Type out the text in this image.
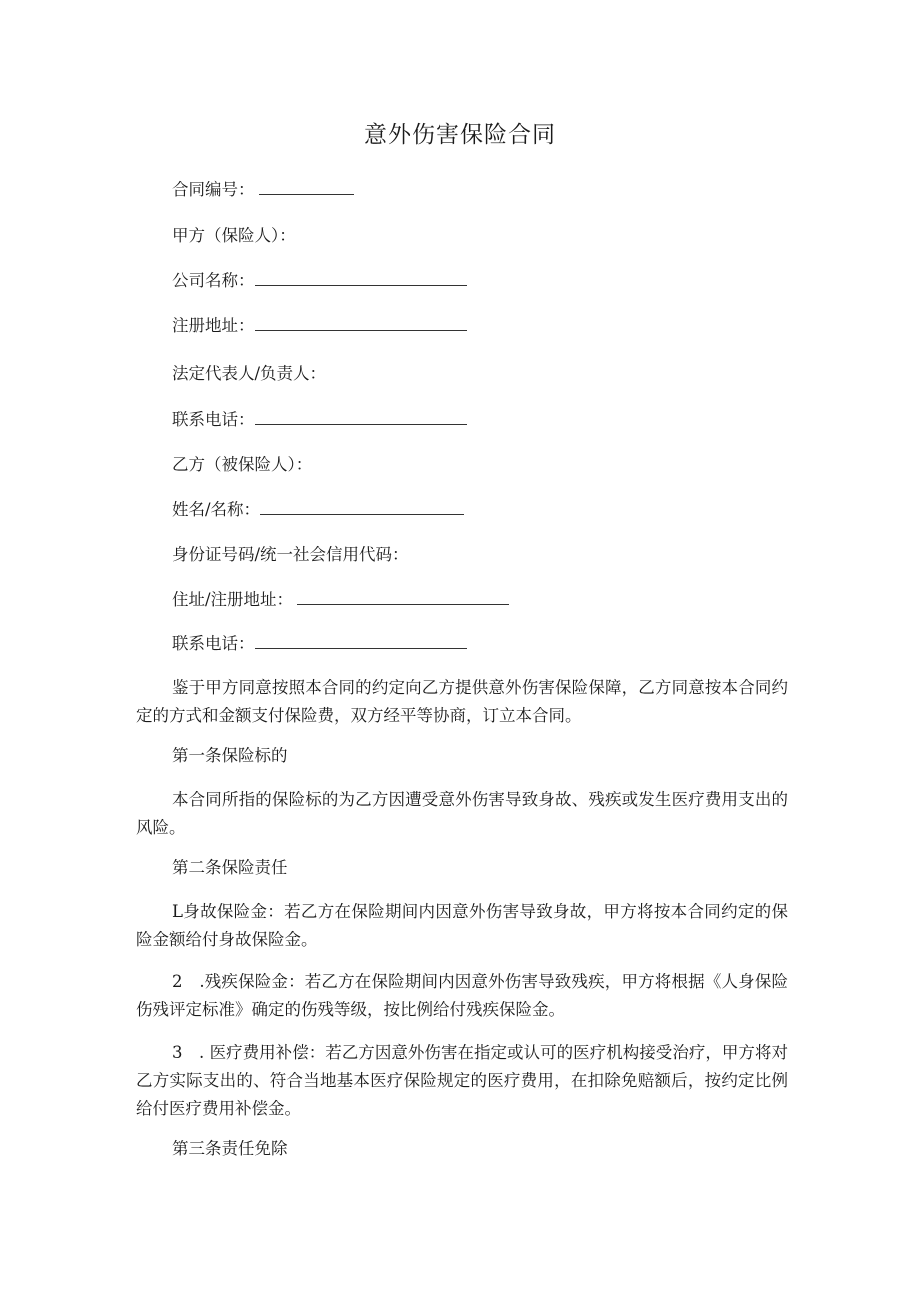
意外伤害保险合同
合同编号：
甲方（保险人）：
公司名称：
注册地址：
法定代表人/负责人：
联系电话：
乙方（被保险人）：
姓名/名称：
身份证号码/统一社会信用代码：
住址/注册地址：
联系电话：
鉴于甲方同意按照本合同的约定向乙方提供意外伤害保险保障，乙方同意按本合同约定的方式和金额支付保险费，双方经平等协商，订立本合同。
第一条保险标的
本合同所指的保险标的为乙方因遭受意外伤害导致身故、残疾或发生医疗费用支出的风险。
第二条保险责任
L身故保险金：若乙方在保险期间内因意外伤害导致身故，甲方将按本合同约定的保险金额给付身故保险金。
2　.残疾保险金：若乙方在保险期间内因意外伤害导致残疾，甲方将根据《人身保险伤残评定标准》确定的伤残等级，按比例给付残疾保险金。
3　. 医疗费用补偿：若乙方因意外伤害在指定或认可的医疗机构接受治疗，甲方将对乙方实际支出的、符合当地基本医疗保险规定的医疗费用，在扣除免赔额后，按约定比例给付医疗费用补偿金。
第三条责任免除
